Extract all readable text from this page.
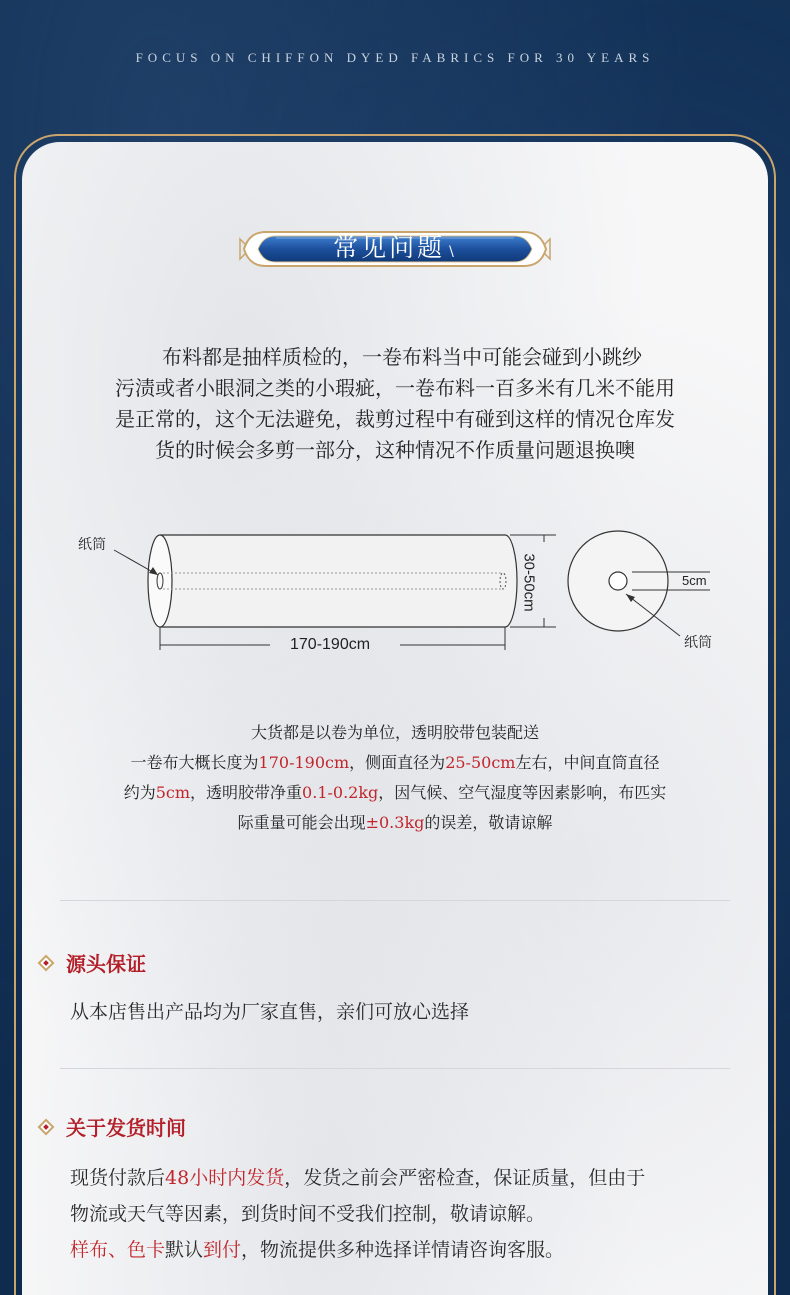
FOCUS ON CHIFFON DYED FABRICS FOR 30 YEARS
常见问题 \

布料都是抽样质检的，一卷布料当中可能会碰到小跳纱

污渍或者小眼洞之类的小瑕疵，一卷布料一百多米有几米不能用

是正常的，这个无法避免，裁剪过程中有碰到这样的情况仓库发

货的时候会多剪一部分，这种情况不作质量问题退换噢

纸筒
170-190cm
30-50cm	5cm
纸筒
大货都是以卷为单位，透明胶带包装配送
一卷布大概长度为170-190cm，侧面直径为25-50cm左右，中间直筒直径
约为5cm，透明胶带净重0.1-0.2kg，因气候、空气湿度等因素影响，布匹实
际重量可能会出现±0.3kg的误差，敬请谅解
源头保证
从本店售出产品均为厂家直售，亲们可放心选择
关于发货时间
现货付款后48小时内发货，发货之前会严密检查，保证质量，但由于
物流或天气等因素，到货时间不受我们控制，敬请谅解。
样布、色卡默认到付，物流提供多种选择详情请咨询客服。
